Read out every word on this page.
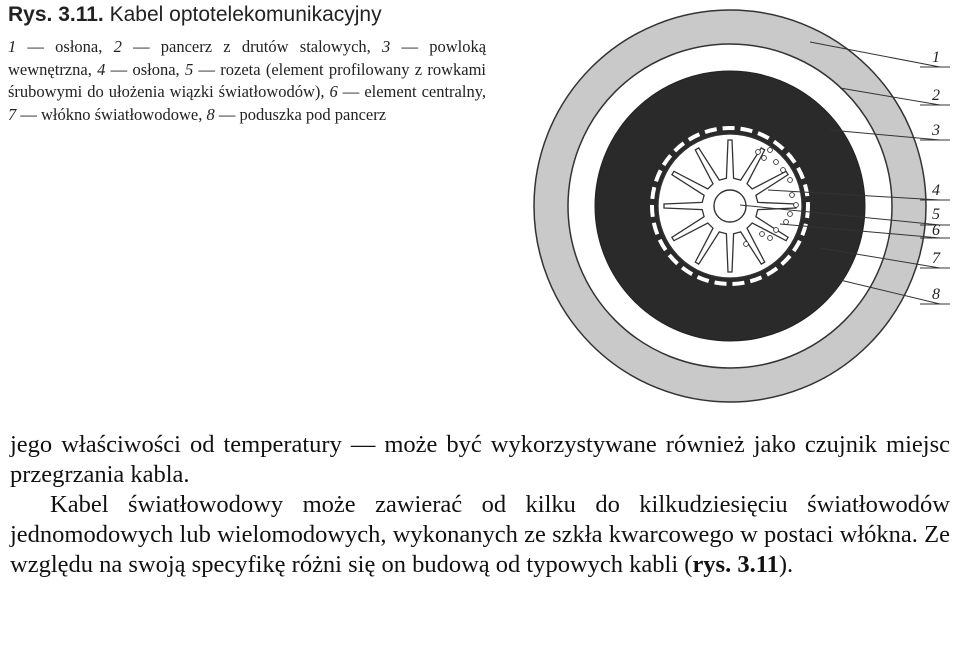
Rys. 3.11. Kabel optotelekomunikacyjny
1 — osłona, 2 — pancerz z drutów stalowych, 3 — powloką wewnętrzna, 4 — osłona, 5 — rozeta (element profilowany z rowkami śrubowymi do ułożenia wiązki światłowodów), 6 — element centralny, 7 — włókno światłowodowe, 8 — poduszka pod pancerz
1
2
3
4
5
6
7
8

jego właściwości od temperatury — może być wykorzystywane również jako czujnik miejsc przegrzania kabla.

Kabel światłowodowy może zawierać od kilku do kilkudziesięciu światłowodów jednomodowych lub wielomodowych, wykonanych ze szkła kwarcowego w postaci włókna. Ze względu na swoją specyfikę różni się on budową od typowych kabli (rys. 3.11).
